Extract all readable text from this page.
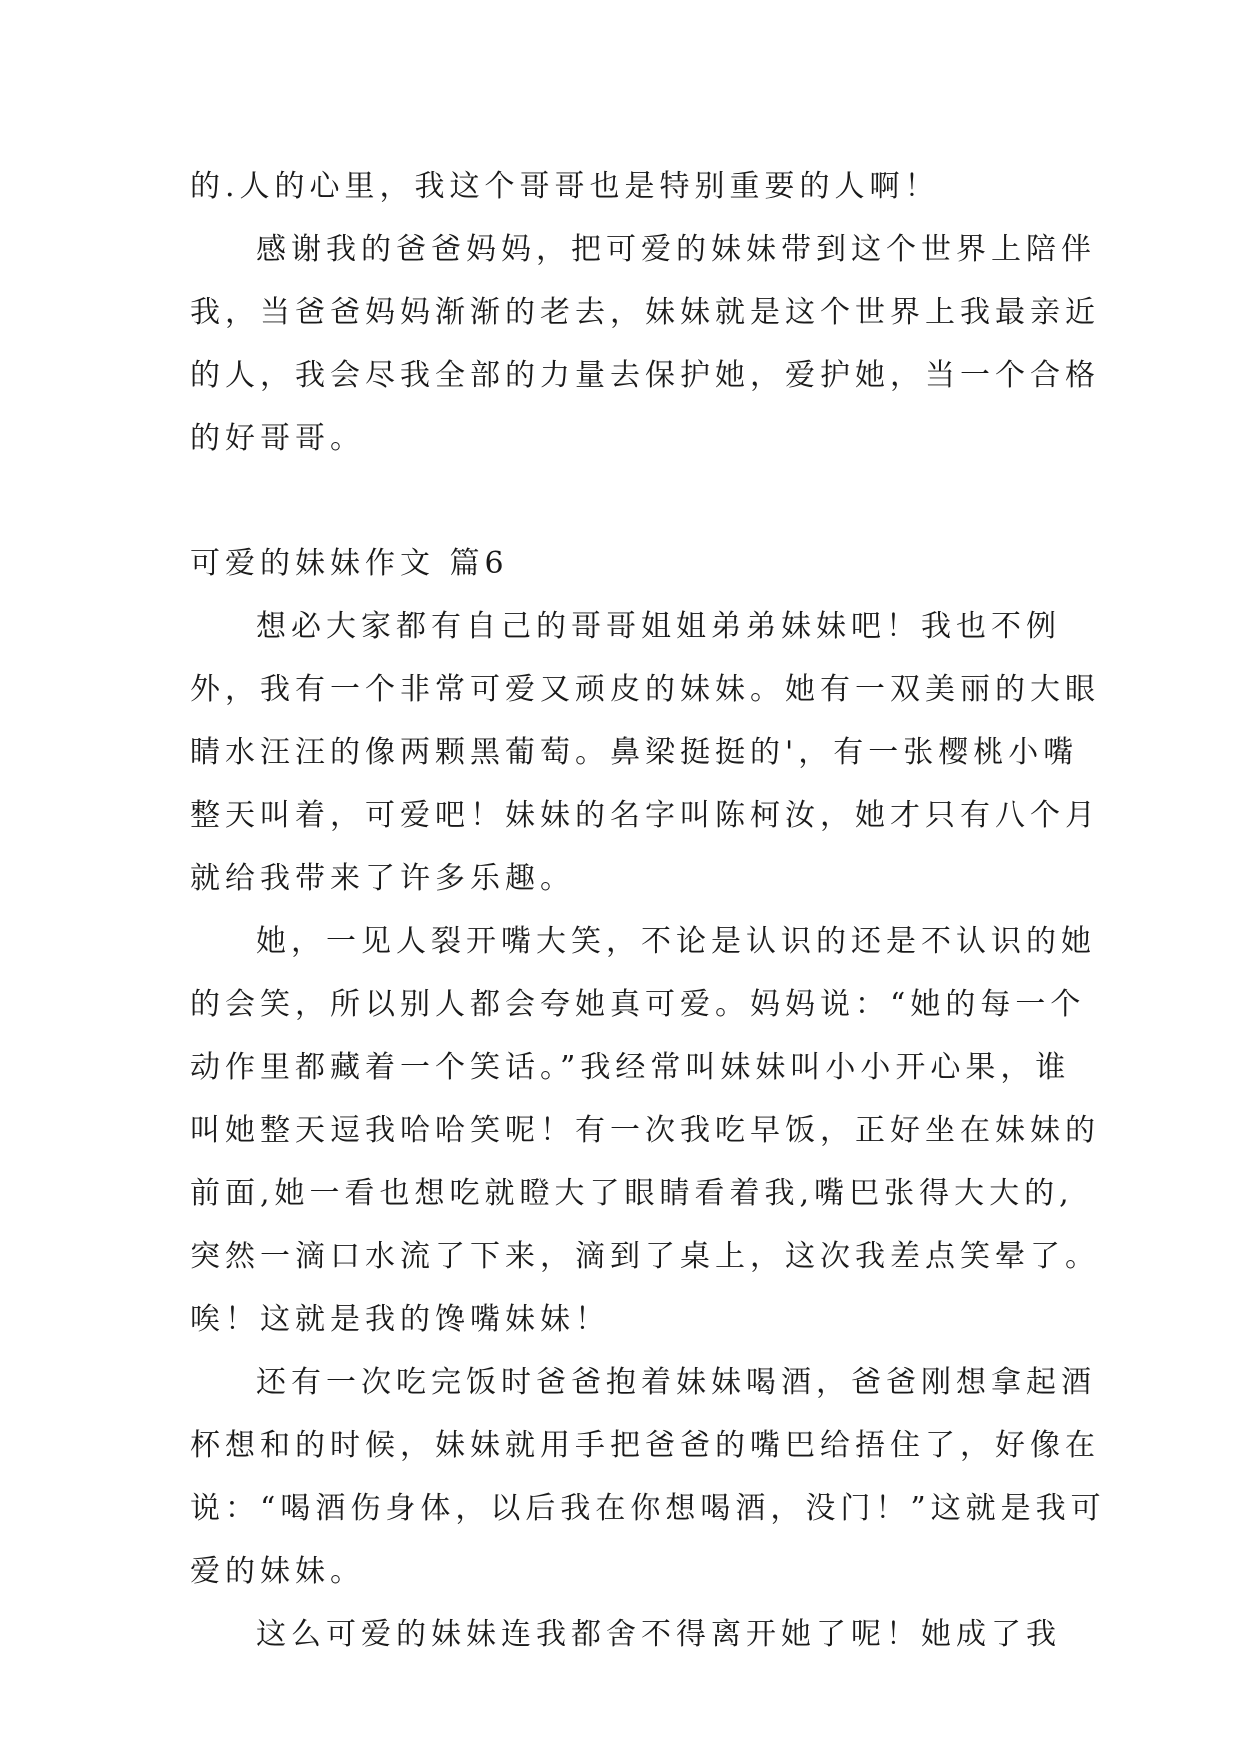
的.人的心里，我这个哥哥也是特别重要的人啊！
感谢我的爸爸妈妈，把可爱的妹妹带到这个世界上陪伴
我，当爸爸妈妈渐渐的老去，妹妹就是这个世界上我最亲近
的人，我会尽我全部的力量去保护她，爱护她，当一个合格
的好哥哥。
可爱的妹妹作文 篇6
想必大家都有自己的哥哥姐姐弟弟妹妹吧！我也不例
外，我有一个非常可爱又顽皮的妹妹。她有一双美丽的大眼
睛水汪汪的像两颗黑葡萄。鼻梁挺挺的'，有一张樱桃小嘴
整天叫着，可爱吧！妹妹的名字叫陈柯汝，她才只有八个月
就给我带来了许多乐趣。
她，一见人裂开嘴大笑，不论是认识的还是不认识的她
的会笑，所以别人都会夸她真可爱。妈妈说：“她的每一个
动作里都藏着一个笑话。”我经常叫妹妹叫小小开心果，谁
叫她整天逗我哈哈笑呢！有一次我吃早饭，正好坐在妹妹的
前面,她一看也想吃就瞪大了眼睛看着我,嘴巴张得大大的,
突然一滴口水流了下来，滴到了桌上，这次我差点笑晕了。
唉！这就是我的馋嘴妹妹！
还有一次吃完饭时爸爸抱着妹妹喝酒，爸爸刚想拿起酒
杯想和的时候，妹妹就用手把爸爸的嘴巴给捂住了，好像在
说：“喝酒伤身体，以后我在你想喝酒，没门！”这就是我可
爱的妹妹。
这么可爱的妹妹连我都舍不得离开她了呢！她成了我
